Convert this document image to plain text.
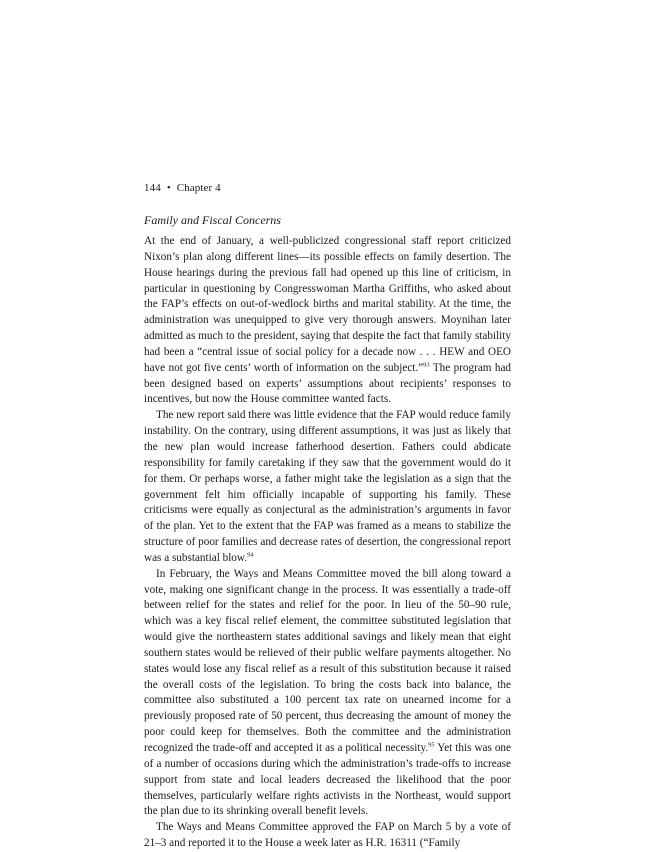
144 • Chapter 4
Family and Fiscal Concerns

At the end of January, a well-publicized congressional staff report criticized Nixon’s plan along different lines—its possible effects on family desertion. The House hearings during the previous fall had opened up this line of criticism, in particular in questioning by Congresswoman Martha Griffiths, who asked about the FAP’s effects on out-of-wedlock births and marital stability. At the time, the administration was unequipped to give very thorough answers. Moynihan later admitted as much to the president, saying that despite the fact that family stability had been a “central issue of social policy for a decade now . . . HEW and OEO have not got five cents’ worth of information on the subject.”$^{93}$ The program had been designed based on experts’ assumptions about recipients’ responses to incentives, but now the House committee wanted facts.

The new report said there was little evidence that the FAP would reduce family instability. On the contrary, using different assumptions, it was just as likely that the new plan would increase fatherhood desertion. Fathers could abdicate responsibility for family caretaking if they saw that the government would do it for them. Or perhaps worse, a father might take the legislation as a sign that the government felt him officially incapable of supporting his family. These criticisms were equally as conjectural as the administration’s arguments in favor of the plan. Yet to the extent that the FAP was framed as a means to stabilize the structure of poor families and decrease rates of desertion, the congressional report was a substantial blow.$^{94}$

In February, the Ways and Means Committee moved the bill along toward a vote, making one significant change in the process. It was essentially a trade-off between relief for the states and relief for the poor. In lieu of the 50–90 rule, which was a key fiscal relief element, the committee substituted legislation that would give the northeastern states additional savings and likely mean that eight southern states would be relieved of their public welfare payments altogether. No states would lose any fiscal relief as a result of this substitution because it raised the overall costs of the legislation. To bring the costs back into balance, the committee also substituted a 100 percent tax rate on unearned income for a previously proposed rate of 50 percent, thus decreasing the amount of money the poor could keep for themselves. Both the committee and the administration recognized the trade-off and accepted it as a political necessity.$^{95}$ Yet this was one of a number of occasions during which the administration’s trade-offs to increase support from state and local leaders decreased the likelihood that the poor themselves, particularly welfare rights activists in the Northeast, would support the plan due to its shrinking overall benefit levels.

The Ways and Means Committee approved the FAP on March 5 by a vote of 21–3 and reported it to the House a week later as H.R. 16311 (“Family
